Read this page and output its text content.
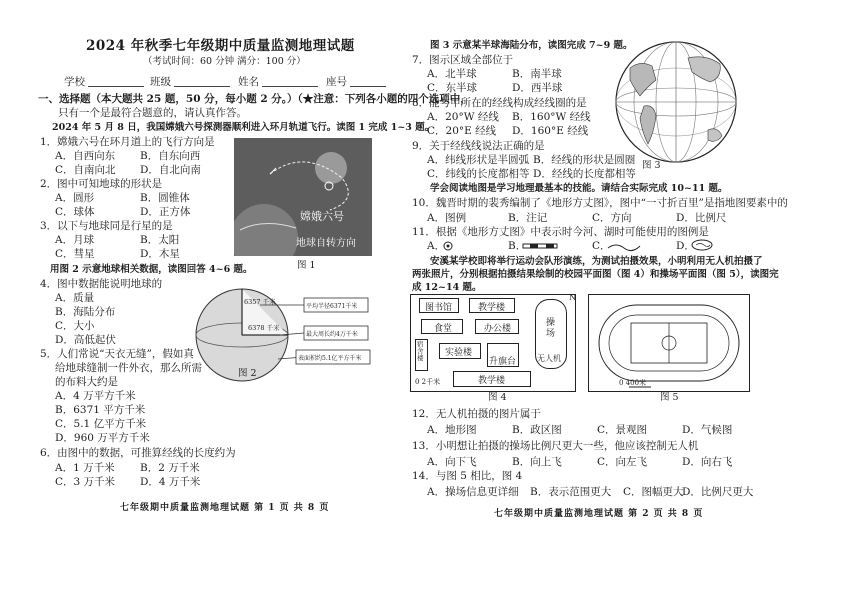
2024 年秋季七年级期中质量监测地理试题
（考试时间：60 分钟 满分：100 分）
学校	班级	姓名	座号
一、选择题（本大题共 25 题，50 分，每小题 2 分。）（★注意：下列各小题的四个选项中，
只有一个是最符合题意的，请认真作答。
2024 年 5 月 8 日，我国嫦娥六号探测器顺利进入环月轨道飞行。读图 1 完成 1~3 题。
1．嫦娥六号在环月道上的飞行方向是
A．自西向东 B．自东向西
C．自南向北 D．自北向南
2．图中可知地球的形状是
A．圆形	B．圆锥体
C．球体	D．正方体
3．以下与地球同是行星的是
A．月球	B．太阳
C．彗星	D．木星
用图 2 示意地球相关数据，读图回答 4~6 题。
4．图中数据能说明地球的
A．质量
B．海陆分布
C．大小
D．高低起伏
5．人们常说“天衣无缝”，假如真
给地球缝制一件外衣，那么所需
的布料大约是
A．4 万平方千米
B．6371 平方千米
C．5.1 亿平方千米
D．960 万平方千米
6．由图中的数据，可推算经线的长度约为
A．1 万千米 B．2 万千米
C．3 万千米 D．4 万千米
嫦娥六号
地球自转方向
图 1
6357 千米
6378 千米
平均半径6371千米
最大周长约4万千米
表面积约5.1亿平方千米
图 2
七年级期中质量监测地理试题 第 1 页 共 8 页
图 3 示意某半球海陆分布，读图完成 7~9 题。
7．图示区域全部位于
A．北半球	B．南半球
C．东半球	D．西半球
8．能与甲所在的经线构成经线圈的是
A．20°W 经线 B．160°W 经线
C．20°E 经线 D．160°E 经线
9．关于经线线说法正确的是
A．纬线形状是半圆弧 B．经线的形状是圆圈
C．纬线的长度都相等 D．经线的长度都相等
图 3
学会阅读地图是学习地理最基本的技能。请结合实际完成 10~11 题。
10．魏晋时期的裴秀编制了《地形方丈图》，图中“一寸折百里”是指地图要素中的
A．图例	B．注记	C．方向	D．比例尺
11．根据《地形方丈图》中表示时今河、湖时可能使用的图例是
A．	B．	C．	D．
安溪某学校即将举行运动会队形演练，为测试拍摄效果，小明利用无人机拍摄了
两张照片，分别根据拍摄结果绘制的校园平面图（图 4）和操场平面图（图 5），读图完
成 12~14 题。
图书馆	教学楼
食堂	办公楼
宿舍楼 实验楼
升旗台
教学楼
操场
无人机
N
0 2千米
图 4
0 400米
图 5
12．无人机拍摄的图片属于
A．地形图	B．政区图	C．景观图	D．气候图
13．小明想让拍摄的操场比例尺更大一些，他应该控制无人机
A．向下飞	B．向上飞	C．向左飞	D．向右飞
14．与图 5 相比，图 4
A．操场信息更详细 B．表示范围更大 C．图幅更大
D．比例尺更大
七年级期中质量监测地理试题 第 2 页 共 8 页
